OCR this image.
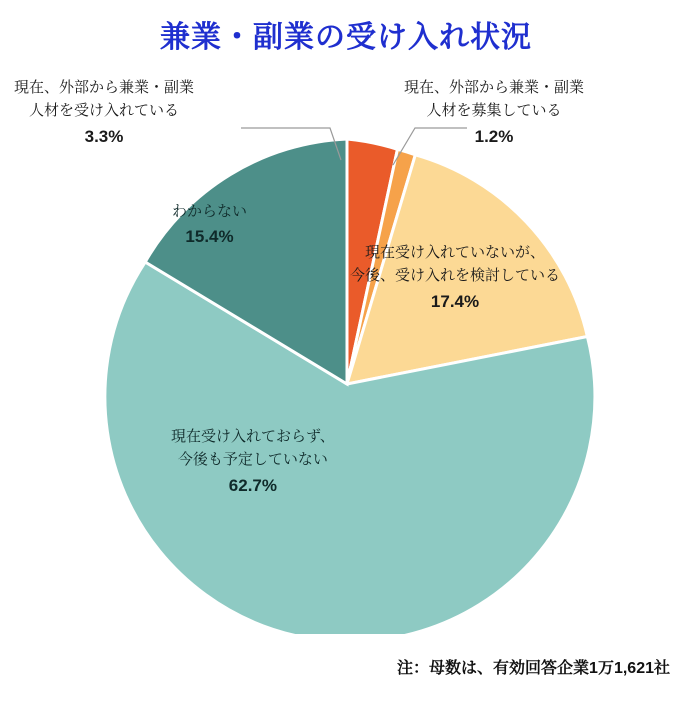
兼業・副業の受け入れ状況
現在、外部から兼業・副業
人材を受け入れている
3.3%
現在、外部から兼業・副業
人材を募集している
1.2%
わからない
15.4%
現在受け入れていないが、
今後、受け入れを検討している
17.4%
現在受け入れておらず、
今後も予定していない
62.7%
注：母数は、有効回答企業1万1,621社
